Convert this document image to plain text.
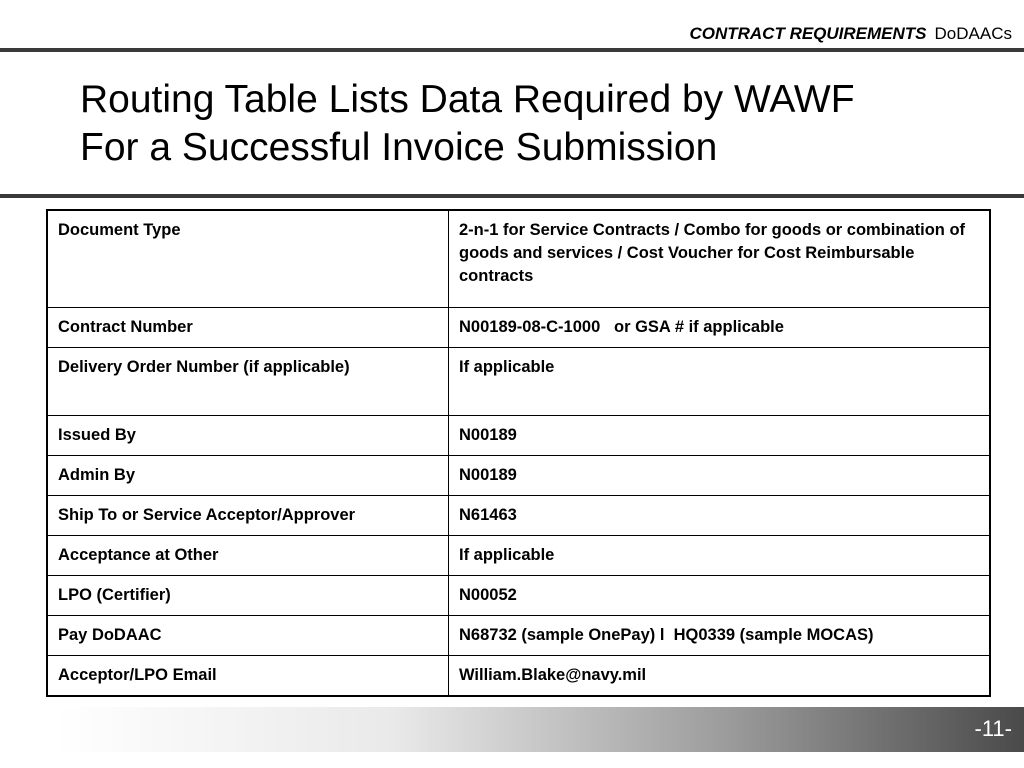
CONTRACT REQUIREMENTS DoDAACs
Routing Table Lists Data Required by WAWF
For a Successful Invoice Submission
Document Type	2-n-1 for Service Contracts / Combo for goods or combination of goods and services / Cost Voucher for Cost Reimbursable contracts
Contract Number	N00189-08-C-1000   or GSA # if applicable
Delivery Order Number (if applicable)	If applicable
Issued By	N00189
Admin By	N00189
Ship To or Service Acceptor/Approver	N61463
Acceptance at Other	If applicable
LPO (Certifier)	N00052
Pay DoDAAC	N68732 (sample OnePay) l  HQ0339 (sample MOCAS)
Acceptor/LPO Email	William.Blake@navy.mil
-11-
